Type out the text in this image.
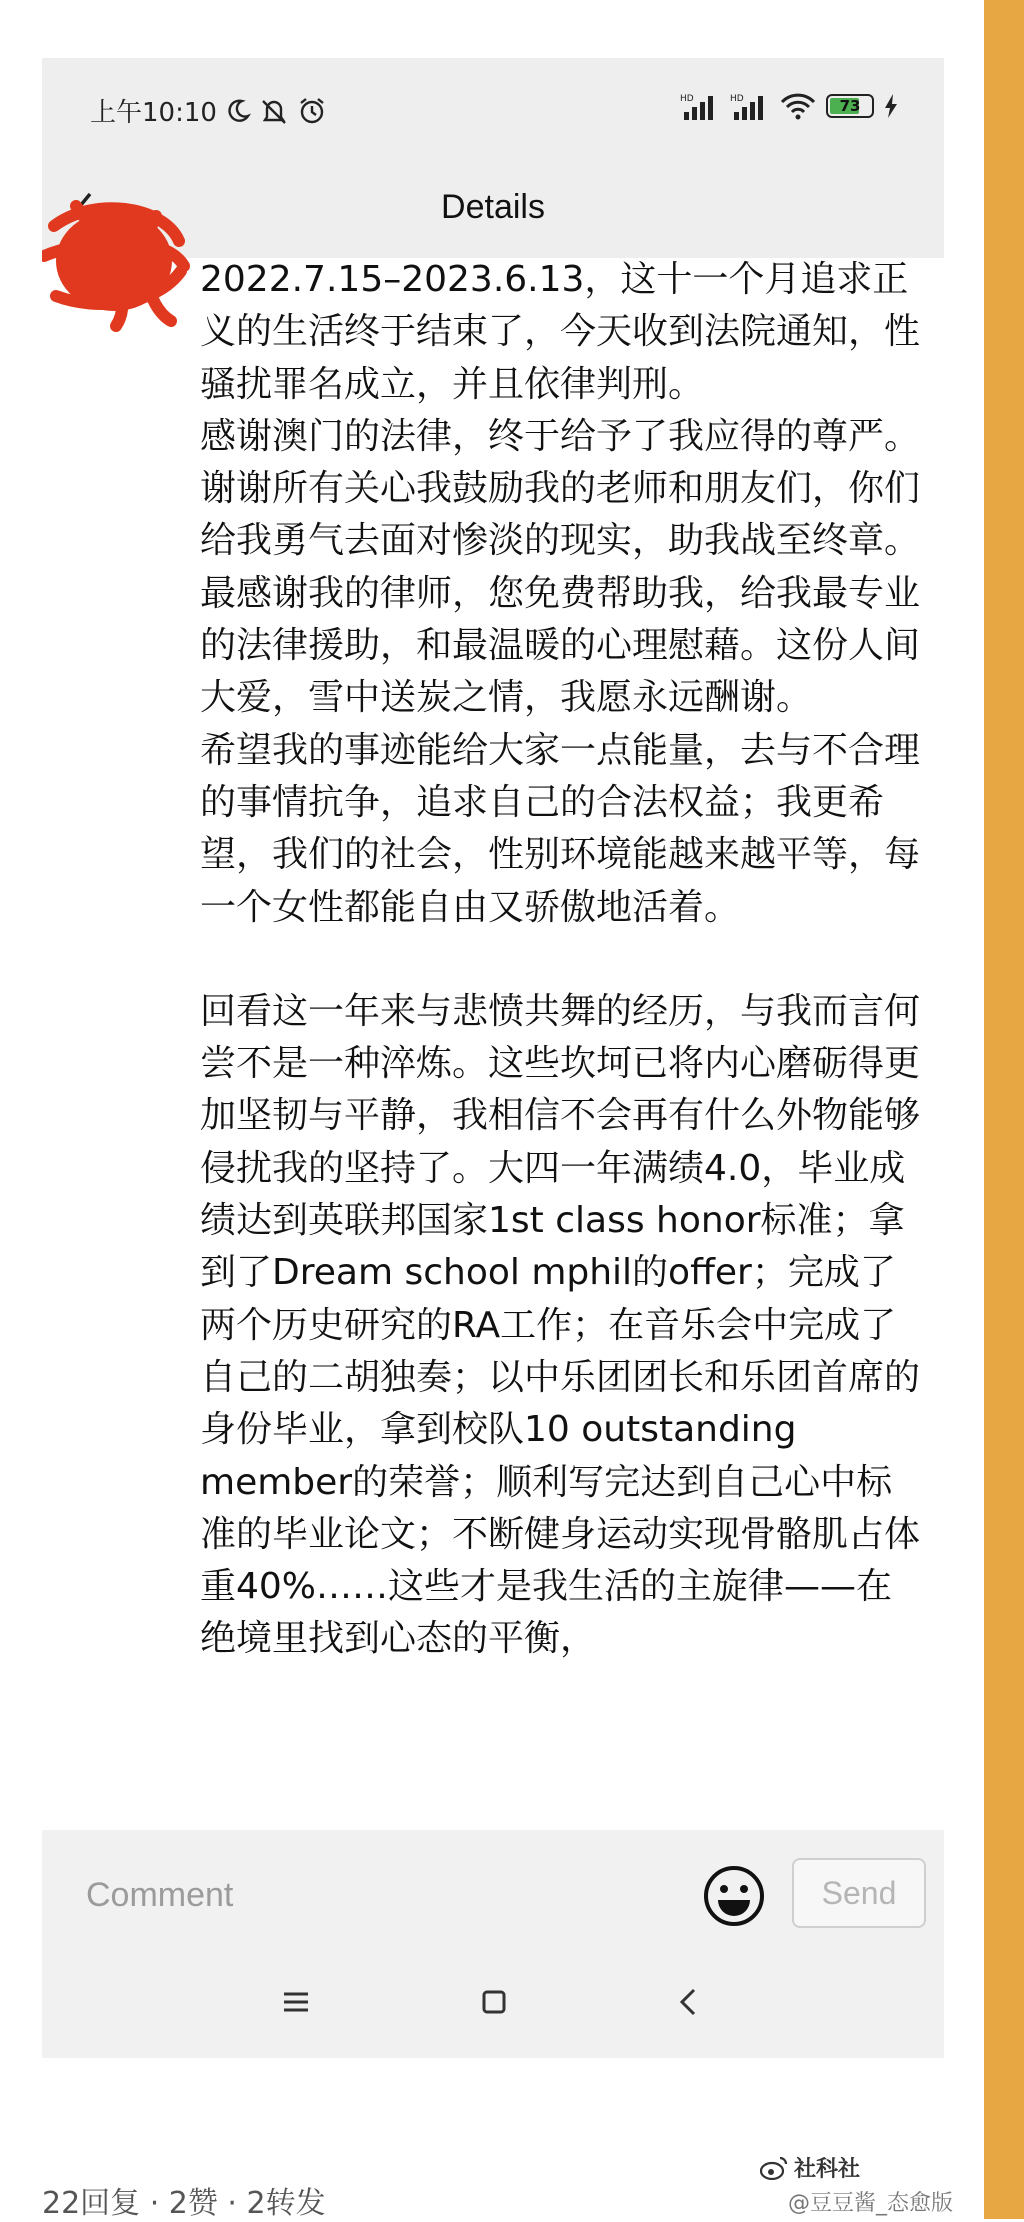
上午10:10	HD	HD	73
Details

2022.7.15–2023.6.13，这十一个月追求正义的生活终于结束了，今天收到法院通知，性骚扰罪名成立，并且依律判刑。

感谢澳门的法律，终于给予了我应得的尊严。谢谢所有关心我鼓励我的老师和朋友们，你们给我勇气去面对惨淡的现实，助我战至终章。最感谢我的律师，您免费帮助我，给我最专业的法律援助，和最温暖的心理慰藉。这份人间大爱，雪中送炭之情，我愿永远酬谢。

希望我的事迹能给大家一点能量，去与不合理的事情抗争，追求自己的合法权益；我更希望，我们的社会，性别环境能越来越平等，每一个女性都能自由又骄傲地活着。

回看这一年来与悲愤共舞的经历，与我而言何尝不是一种淬炼。这些坎坷已将内心磨砺得更加坚韧与平静，我相信不会再有什么外物能够侵扰我的坚持了。大四一年满绩4.0，毕业成绩达到英联邦国家1st class honor标准；拿到了Dream school mphil的offer；完成了两个历史研究的RA工作；在音乐会中完成了自己的二胡独奏；以中乐团团长和乐团首席的身份毕业，拿到校队10 outstanding member的荣誉；顺利写完达到自己心中标准的毕业论文；不断健身运动实现骨骼肌占体重40%……这些才是我生活的主旋律——在绝境里找到心态的平衡，

Comment
Send
22回复 · 2赞 · 2转发
社科社
@豆豆酱_态愈版
